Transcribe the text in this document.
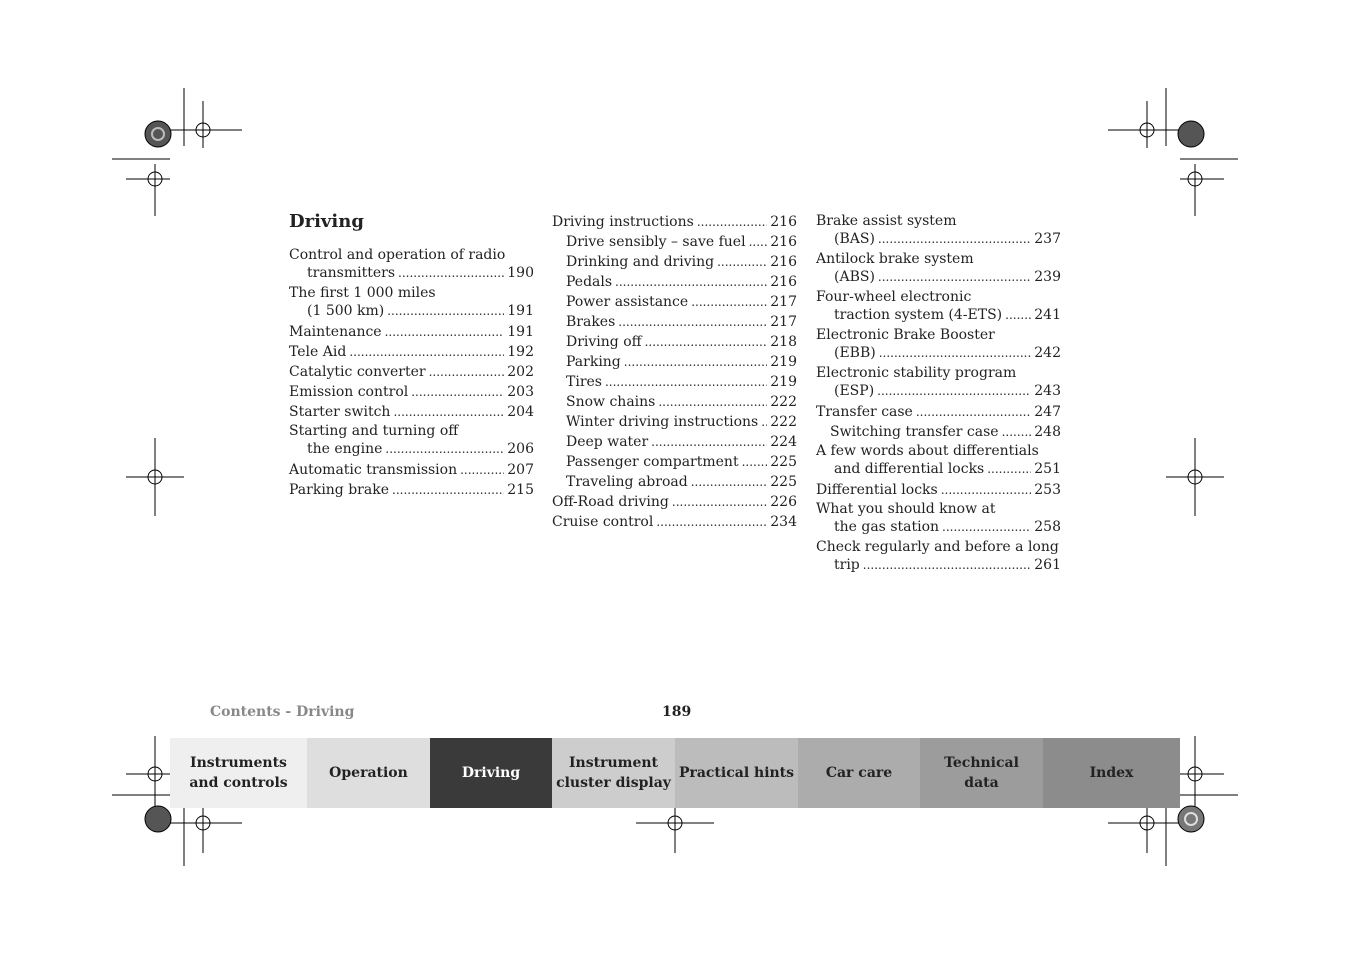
Driving
Control and operation of radio
transmitters .....	190
The first 1 000 miles
(1 500 km) .....	191
Maintenance .....	191
Tele Aid .....	192
Catalytic converter .....	202
Emission control .....	203
Starter switch .....	204
Starting and turning off
the engine .....	206
Automatic transmission .....	207
Parking brake .....	215
Driving instructions .....	216
Drive sensibly – save fuel ..... 216
Drinking and driving .....	216
Pedals .....	216
Power assistance .....	217
Brakes .....	217
Driving off .....	218
Parking .....	219
Tires .....	219
Snow chains .....	222
Winter driving instructions ..... 222
Deep water .....	224
Passenger compartment ..... 225
Traveling abroad .....	225
Off-Road driving .....	226
Cruise control .....	234
Brake assist system
(BAS) .....	237
Antilock brake system
(ABS) .....	239
Four-wheel electronic
traction system (4-ETS) ..... 241
Electronic Brake Booster
(EBB) .....	242
Electronic stability program
(ESP) .....	243
Transfer case .....	247
Switching transfer case .....	248
A few words about differentials
and differential locks .....	251
Differential locks .....	253
What you should know at
the gas station .....	258
Check regularly and before a long
trip .....	261
Contents - Driving	189
Instruments
and controls
Operation	Driving
Instrument
cluster display
Practical hints Car care
Technical
data
Index
